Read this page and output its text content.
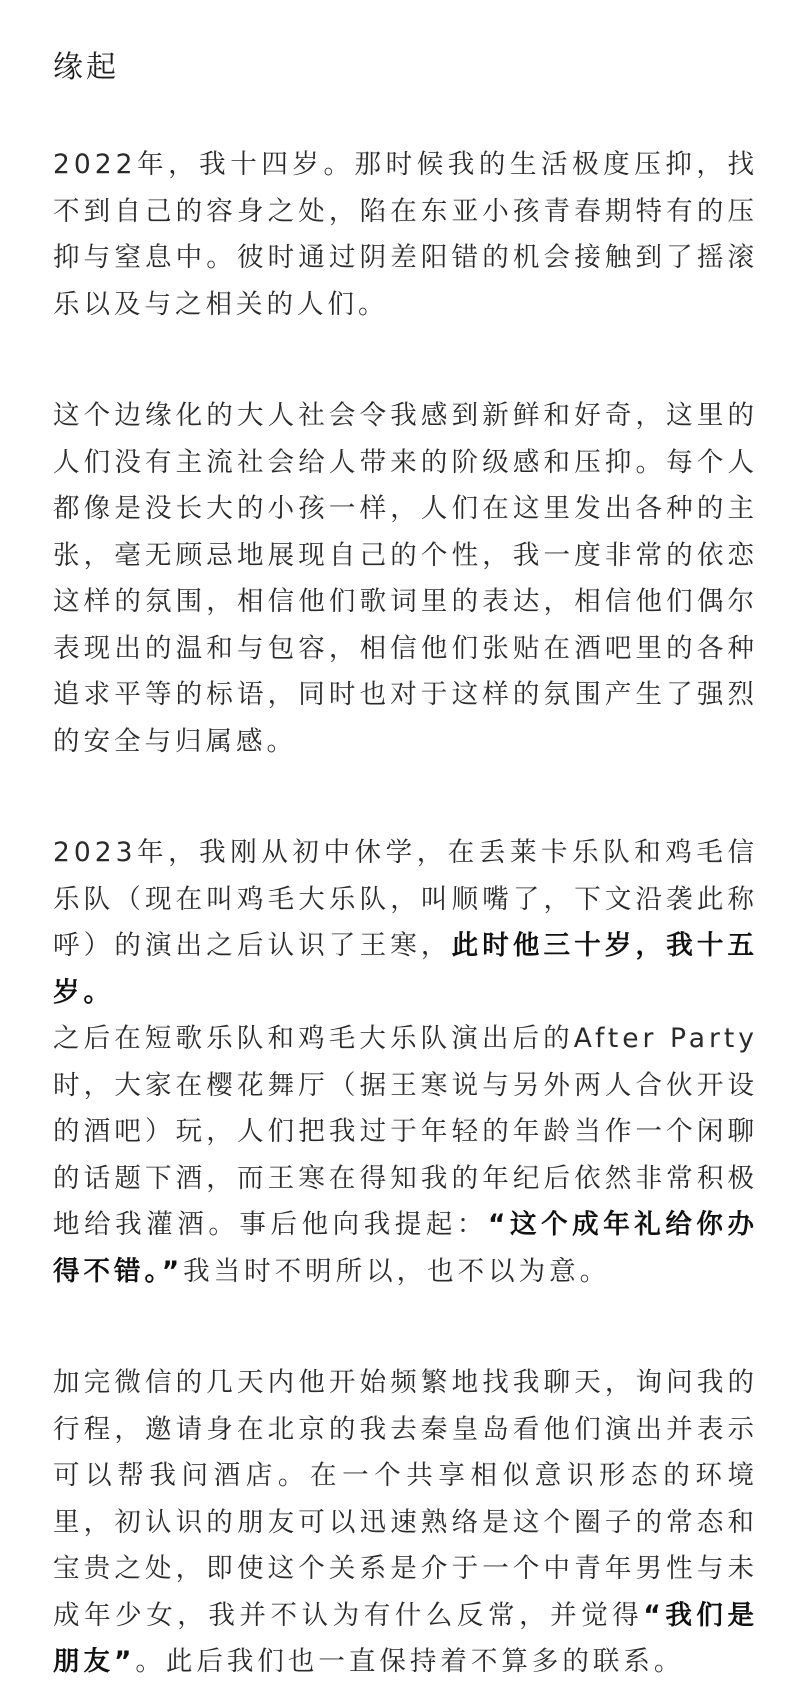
缘起

2022年，我十四岁。那时候我的生活极度压抑，找不到自己的容身之处，陷在东亚小孩青春期特有的压抑与窒息中。彼时通过阴差阳错的机会接触到了摇滚乐以及与之相关的人们。

这个边缘化的大人社会令我感到新鲜和好奇，这里的人们没有主流社会给人带来的阶级感和压抑。每个人都像是没长大的小孩一样，人们在这里发出各种的主张，毫无顾忌地展现自己的个性，我一度非常的依恋这样的氛围，相信他们歌词里的表达，相信他们偶尔表现出的温和与包容，相信他们张贴在酒吧里的各种追求平等的标语，同时也对于这样的氛围产生了强烈的安全与归属感。

2023年，我刚从初中休学，在丢莱卡乐队和鸡毛信乐队（现在叫鸡毛大乐队，叫顺嘴了，下文沿袭此称呼）的演出之后认识了王寒，此时他三十岁，我十五岁。

之后在短歌乐队和鸡毛大乐队演出后的After Party时，大家在樱花舞厅（据王寒说与另外两人合伙开设的酒吧）玩，人们把我过于年轻的年龄当作一个闲聊的话题下酒，而王寒在得知我的年纪后依然非常积极地给我灌酒。事后他向我提起：“这个成年礼给你办得不错。”我当时不明所以，也不以为意。

加完微信的几天内他开始频繁地找我聊天，询问我的行程，邀请身在北京的我去秦皇岛看他们演出并表示可以帮我问酒店。在一个共享相似意识形态的环境里，初认识的朋友可以迅速熟络是这个圈子的常态和宝贵之处，即使这个关系是介于一个中青年男性与未成年少女，我并不认为有什么反常，并觉得“我们是朋友”。此后我们也一直保持着不算多的联系。
